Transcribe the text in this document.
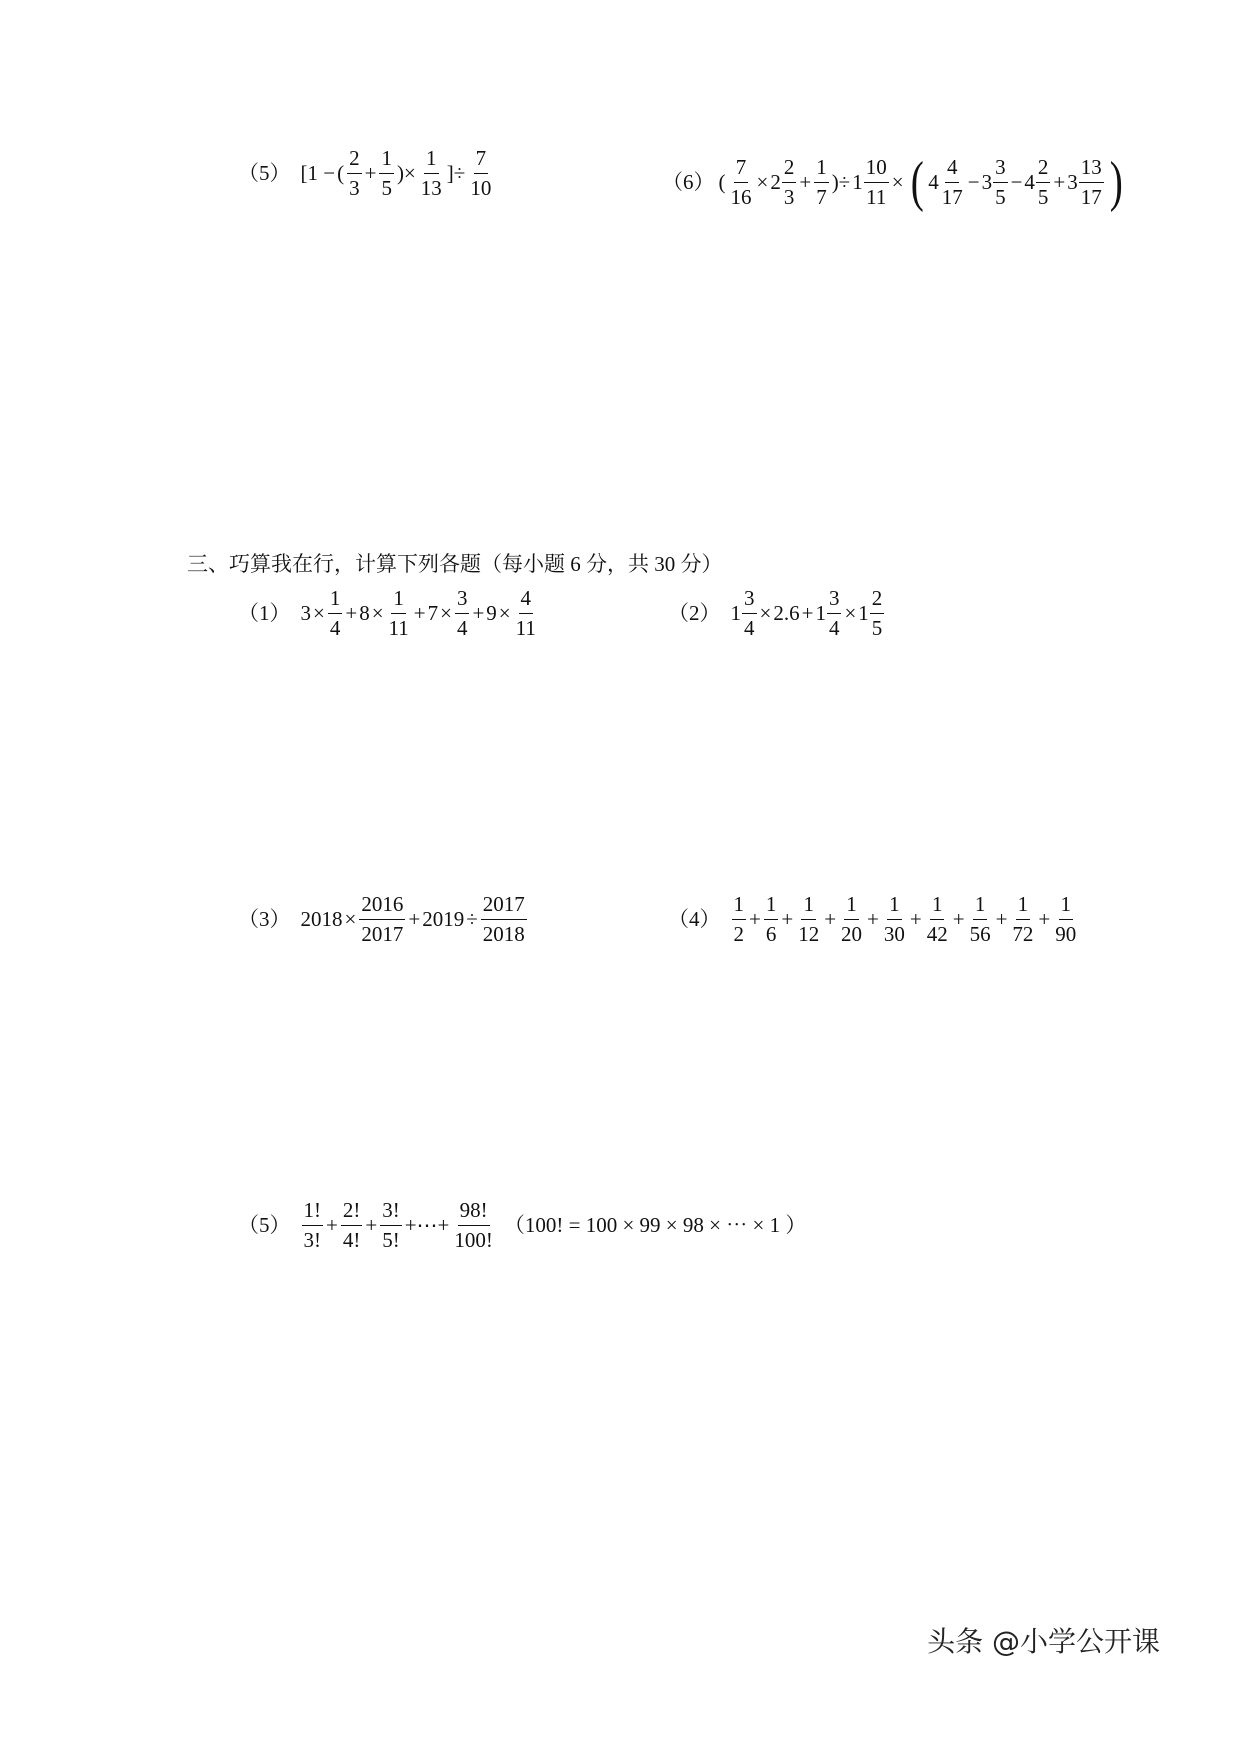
（5） [1 − ( $\frac{2}{3} + \frac{1}{5}$ )× $\frac{1}{13}$ ]÷ $\frac{7}{10}$	（6） ( $\frac{7}{16} \times 2 \frac{2}{3} + \frac{1}{7}$ )÷ $1 \frac{10}{11}$ × ( $4 \frac{4}{17} - 3 \frac{3}{5} - 4 \frac{2}{5} + 3 \frac{13}{17}$ )
三、巧算我在行，计算下列各题（每小题 6 分，共 30 分）
（1） $3 \times \frac{1}{4} + 8 \times \frac{1}{11} + 7 \times \frac{3}{4} + 9 \times \frac{4}{11}$	（2） $1 \frac{3}{4} \times 2.6 + 1 \frac{3}{4} \times 1 \frac{2}{5}$
（3） $2018 \times \frac{2016}{2017} + 2019 \div \frac{2017}{2018}$	$(4) \frac{1}{2} + \frac{1}{6} + \frac{1}{12} + \frac{1}{20} + \frac{1}{30} + \frac{1}{42} + \frac{1}{56} + \frac{1}{72} + \frac{1}{90}$
$(5) \frac{1!}{3!} + \frac{2!}{4!} + \frac{3!}{5!}$ +⋯+ $\frac{98!}{100!} (100$! = 100 × 99 × 98 × ⋯ × 1 ）
头条 @小学公开课
